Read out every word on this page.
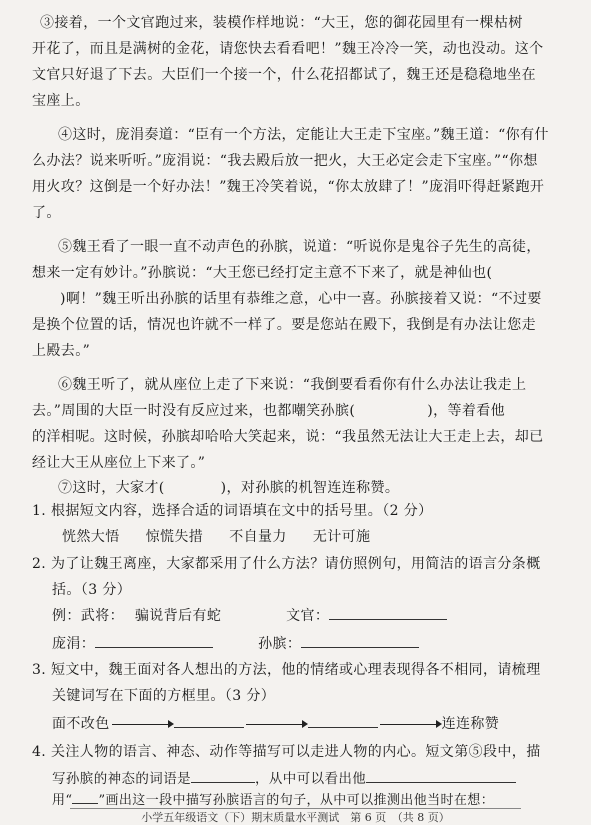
③接着，一个文官跑过来，装模作样地说：“大王，您的御花园里有一棵枯树
开花了，而且是满树的金花，请您快去看看吧！”魏王冷冷一笑，动也没动。这个
文官只好退了下去。大臣们一个接一个，什么花招都试了，魏王还是稳稳地坐在
宝座上。
④这时，庞涓奏道：“臣有一个方法，定能让大王走下宝座。”魏王道：“你有什
么办法？说来听听。”庞涓说：“我去殿后放一把火，大王必定会走下宝座。”“你想
用火攻？这倒是一个好办法！”魏王冷笑着说，“你太放肆了！”庞涓吓得赶紧跑开
了。
⑤魏王看了一眼一直不动声色的孙膑，说道：“听说你是鬼谷子先生的高徒，
想来一定有妙计。”孙膑说：“大王您已经打定主意不下来了，就是神仙也(
)啊！”魏王听出孙膑的话里有恭维之意，心中一喜。孙膑接着又说：“不过要
是换个位置的话，情况也许就不一样了。要是您站在殿下，我倒是有办法让您走
上殿去。”
⑥魏王听了，就从座位上走了下来说：“我倒要看看你有什么办法让我走上
去。”周围的大臣一时没有反应过来，也都嘲笑孙膑(	)，等着看他
的洋相呢。这时候，孙膑却哈哈大笑起来，说：“我虽然无法让大王走上去，却已
经让大王从座位上下来了。”
⑦这时，大家才(	)，对孙膑的机智连连称赞。
1. 根据短文内容，选择合适的词语填在文中的括号里。（2 分）
恍然大悟 惊慌失措 不自量力 无计可施
2. 为了让魏王离座，大家都采用了什么方法？请仿照例句，用简洁的语言分条概
括。（3 分）
例：武将： 骗说背后有蛇	文官：
庞涓：	孙膑：
3. 短文中，魏王面对各人想出的方法，他的情绪或心理表现得各不相同，请梳理
关键词写在下面的方框里。（3 分）
面不改色	连连称赞
4. 关注人物的语言、神态、动作等描写可以走进人物的内心。短文第⑤段中，描
写孙膑的神态的词语是	，从中可以看出他
用“ ”画出这一段中描写孙膑语言的句子，从中可以推测出他当时在想：
小学五年级语文（下）期末质量水平测试　第 6 页　（共 8 页）
